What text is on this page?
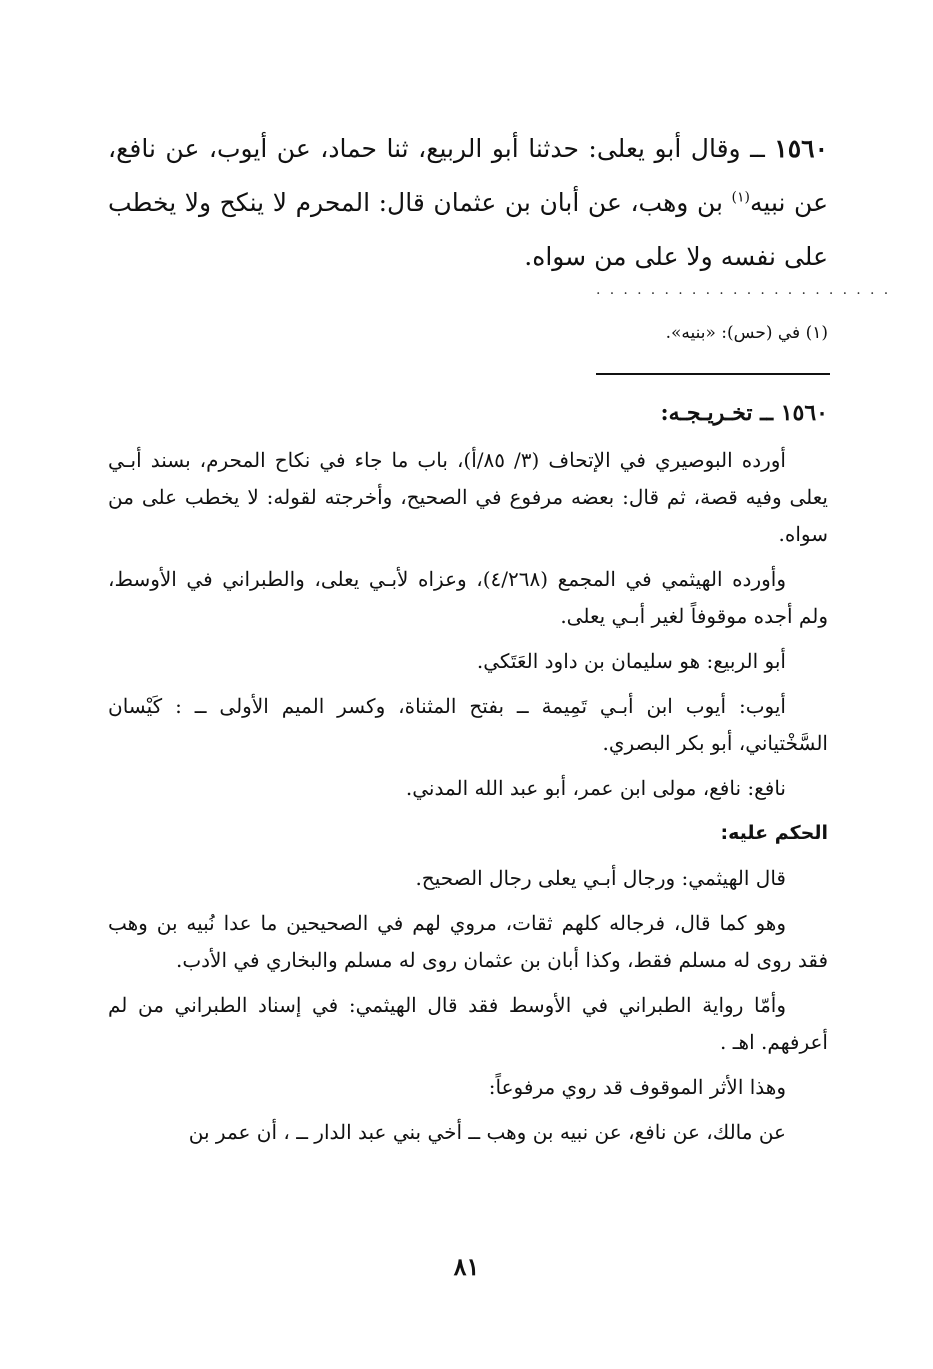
١٥٦٠ ــ وقال أبو يعلى: حدثنا أبو الربيع، ثنا حماد، عن أيوب، عن نافع، عن نبيه$^{(١)}$ بن وهب، عن أبان بن عثمان قال: المحرم لا ينكح ولا يخطب على نفسه ولا على من سواه.
. . . . . . . . . . . . . . . . . . . . . .
(١) في (حس): «بنيه».
١٥٦٠ ــ تخـريـجـه:

أورده البوصيري في الإتحاف (٣/ ٨٥/أ)، باب ما جاء في نكاح المحرم، بسند أبـي يعلى وفيه قصة، ثم قال: بعضه مرفوع في الصحيح، وأخرجته لقوله: لا يخطب على من سواه.

وأورده الهيثمي في المجمع (٤/٢٦٨)، وعزاه لأبـي يعلى، والطبراني في الأوسط، ولم أجده موقوفاً لغير أبـي يعلى.

أبو الربيع: هو سليمان بن داود العَتَكي.

أيوب: أيوب ابن أبـي تَمِيمة ــ بفتح المثناة، وكسر الميم الأولى ــ : كَيْسان السَّخْتياني، أبو بكر البصري.

نافع: نافع، مولى ابن عمر، أبو عبد الله المدني.

الحكم عليه:

قال الهيثمي: ورجال أبـي يعلى رجال الصحيح.

وهو كما قال، فرجاله كلهم ثقات، مروي لهم في الصحيحين ما عدا نُبيه بن وهب فقد روى له مسلم فقط، وكذا أبان بن عثمان روى له مسلم والبخاري في الأدب.

وأمّا رواية الطبراني في الأوسط فقد قال الهيثمي: في إسناد الطبراني من لم أعرفهم. اهـ .

وهذا الأثر الموقوف قد روي مرفوعاً:

عن مالك، عن نافع، عن نبيه بن وهب ــ أخي بني عبد الدار ــ ، أن عمر بن

٨١
